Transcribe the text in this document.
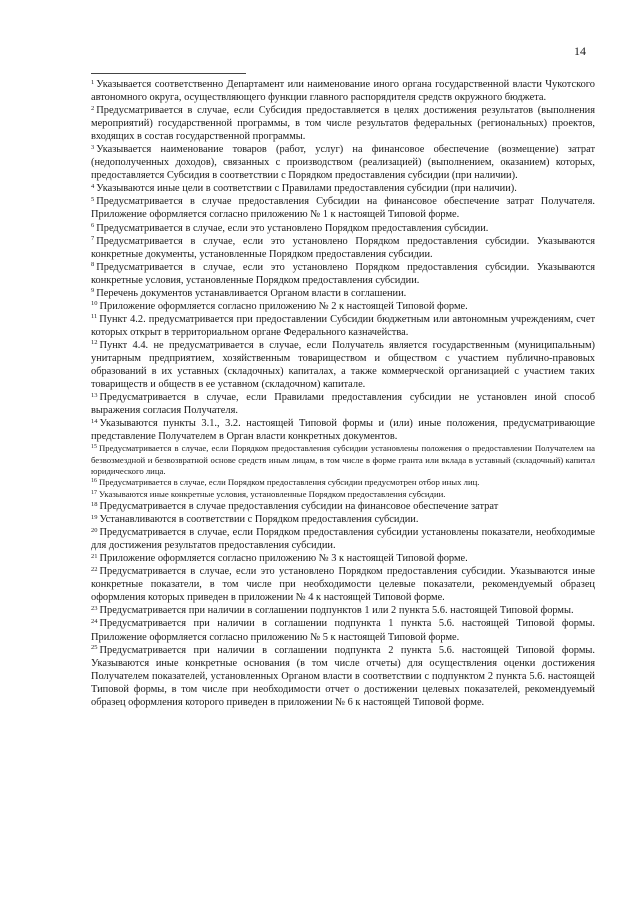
14

$^1$ Указывается соответственно Департамент или наименование иного органа государственной власти Чукотского автономного округа, осуществляющего функции главного распорядителя средств окружного бюджета.

$^2$ Предусматривается в случае, если Субсидия предоставляется в целях достижения результатов (выполнения мероприятий) государственной программы, в том числе результатов федеральных (региональных) проектов, входящих в состав государственной программы.

$^3$ Указывается наименование товаров (работ, услуг) на финансовое обеспечение (возмещение) затрат (недополученных доходов), связанных с производством (реализацией) (выполнением, оказанием) которых, предоставляется Субсидия в соответствии с Порядком предоставления субсидии (при наличии).

$^4$ Указываются иные цели в соответствии с Правилами предоставления субсидии (при наличии).

$^5$ Предусматривается в случае предоставления Субсидии на финансовое обеспечение затрат Получателя. Приложение оформляется согласно приложению № 1 к настоящей Типовой форме.

$^6$ Предусматривается в случае, если это установлено Порядком предоставления субсидии.

$^7$ Предусматривается в случае, если это установлено Порядком предоставления субсидии. Указываются конкретные документы, установленные Порядком предоставления субсидии.

$^8$ Предусматривается в случае, если это установлено Порядком предоставления субсидии. Указываются конкретные условия, установленные Порядком предоставления субсидии.

$^9$ Перечень документов устанавливается Органом власти в соглашении.

$^{10}$ Приложение оформляется согласно приложению № 2 к настоящей Типовой форме.

$^{11}$ Пункт 4.2. предусматривается при предоставлении Субсидии бюджетным или автономным учреждениям, счет которых открыт в территориальном органе Федерального казначейства.

$^{12}$ Пункт 4.4. не предусматривается в случае, если Получатель является государственным (муниципальным) унитарным предприятием, хозяйственным товариществом и обществом с участием публично-правовых образований в их уставных (складочных) капиталах, а также коммерческой организацией с участием таких товариществ и обществ в ее уставном (складочном) капитале.

$^{13}$ Предусматривается в случае, если Правилами предоставления субсидии не установлен иной способ выражения согласия Получателя.

$^{14}$ Указываются пункты 3.1., 3.2. настоящей Типовой формы и (или) иные положения, предусматривающие представление Получателем в Орган власти конкретных документов.

$^{15}$ Предусматривается в случае, если Порядком предоставления субсидии установлены положения о предоставлении Получателем на безвозмездной и безвозвратной основе средств иным лицам, в том числе в форме гранта или вклада в уставный (складочный) капитал юридического лица.

$^{16}$ Предусматривается в случае, если Порядком предоставления субсидии предусмотрен отбор иных лиц.

$^{17}$ Указываются иные конкретные условия, установленные Порядком предоставления субсидии.

$^{18}$ Предусматривается в случае предоставления субсидии на финансовое обеспечение затрат

$^{19}$ Устанавливаются в соответствии с Порядком предоставления субсидии.

$^{20}$ Предусматривается в случае, если Порядком предоставления субсидии установлены показатели, необходимые для достижения результатов предоставления субсидии.

$^{21}$ Приложение оформляется согласно приложению № 3 к настоящей Типовой форме.

$^{22}$ Предусматривается в случае, если это установлено Порядком предоставления субсидии. Указываются иные конкретные показатели, в том числе при необходимости целевые показатели, рекомендуемый образец оформления которых приведен в приложении № 4 к настоящей Типовой форме.

$^{23}$ Предусматривается при наличии в соглашении подпунктов 1 или 2 пункта 5.6. настоящей Типовой формы.

$^{24}$ Предусматривается при наличии в соглашении подпункта 1 пункта 5.6. настоящей Типовой формы. Приложение оформляется согласно приложению № 5 к настоящей Типовой форме.

$^{25}$ Предусматривается при наличии в соглашении подпункта 2 пункта 5.6. настоящей Типовой формы. Указываются иные конкретные основания (в том числе отчеты) для осуществления оценки достижения Получателем показателей, установленных Органом власти в соответствии с подпунктом 2 пункта 5.6. настоящей Типовой формы, в том числе при необходимости отчет о достижении целевых показателей, рекомендуемый образец оформления которого приведен в приложении № 6 к настоящей Типовой форме.
